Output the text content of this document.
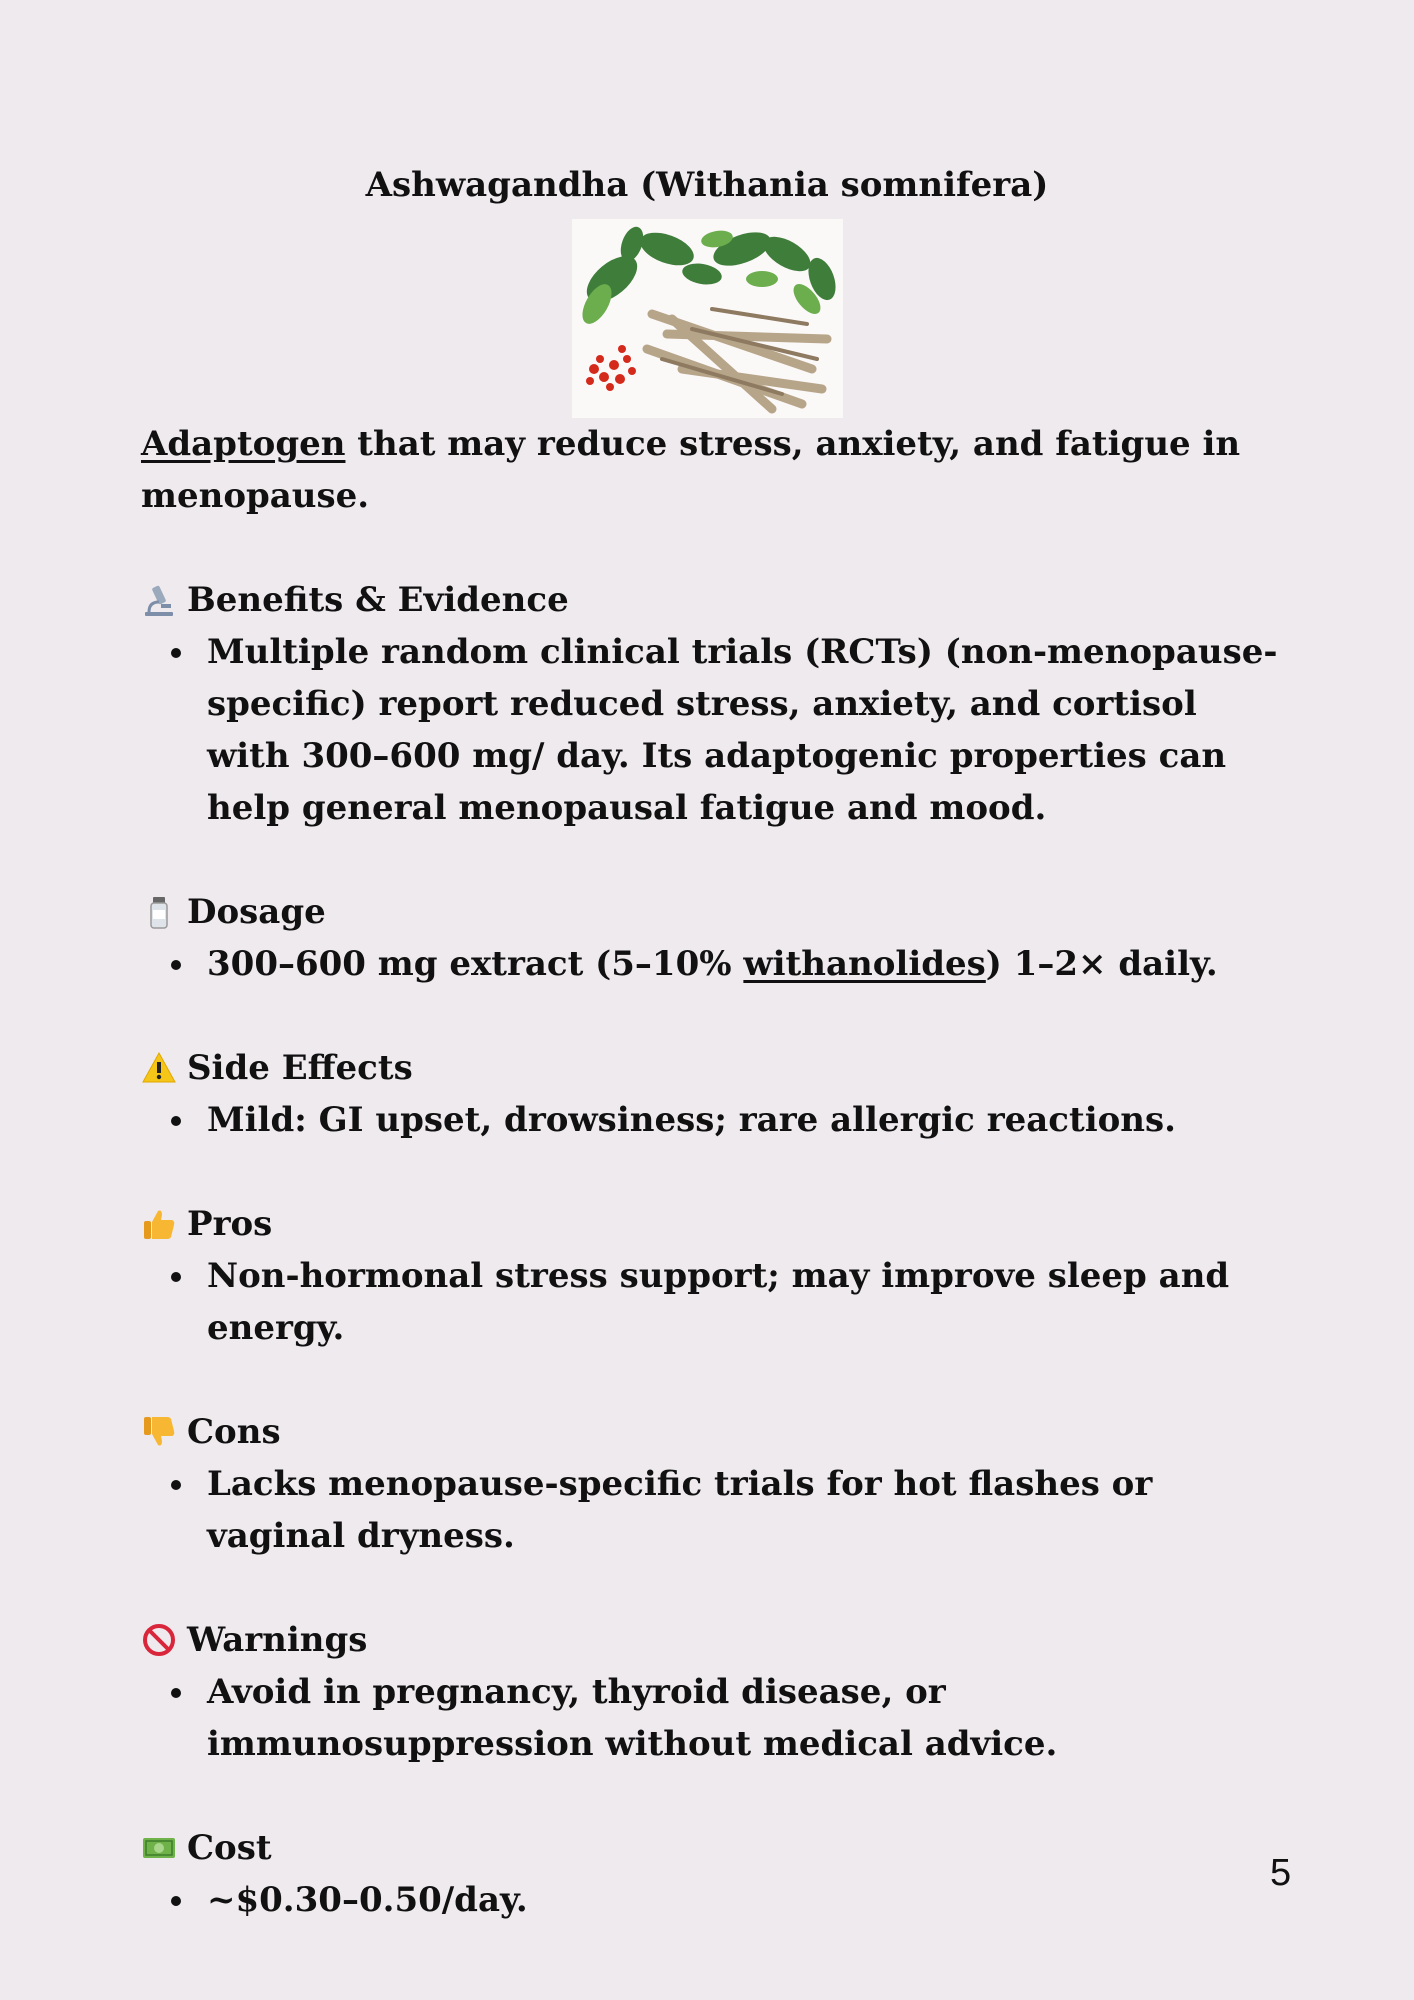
Ashwagandha (Withania somnifera)

Adaptogen that may reduce stress, anxiety, and fatigue in menopause.

Benefits & Evidence
Multiple random clinical trials (RCTs) (non-menopause-specific) report reduced stress, anxiety, and cortisol with 300–600 mg/ day. Its adaptogenic properties can help general menopausal fatigue and mood.
Dosage
300–600 mg extract (5–10% withanolides) 1–2× daily.
Side Effects
Mild: GI upset, drowsiness; rare allergic reactions.
Pros
Non-hormonal stress support; may improve sleep and energy.
Cons
Lacks menopause-specific trials for hot flashes or vaginal dryness.
Warnings
Avoid in pregnancy, thyroid disease, or immunosuppression without medical advice.
Cost
~$0.30–0.50/day.
5
